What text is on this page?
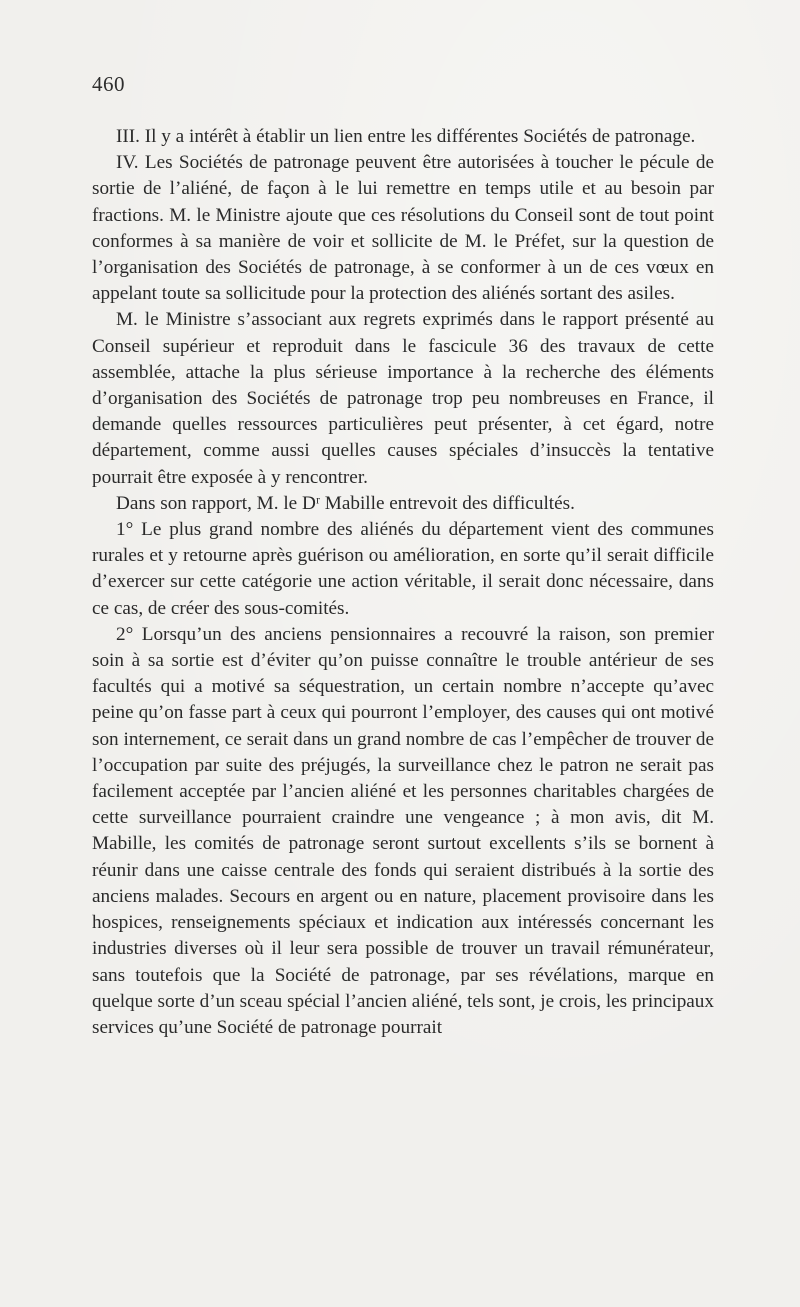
460

III. Il y a intérêt à établir un lien entre les différentes Sociétés de patronage.

IV. Les Sociétés de patronage peuvent être autorisées à toucher le pécule de sortie de l’aliéné, de façon à le lui remettre en temps utile et au besoin par fractions. M. le Ministre ajoute que ces résolutions du Conseil sont de tout point conformes à sa manière de voir et sollicite de M. le Préfet, sur la question de l’organisation des Sociétés de patronage, à se conformer à un de ces vœux en appelant toute sa sollicitude pour la protection des aliénés sortant des asiles.

M. le Ministre s’associant aux regrets exprimés dans le rapport présenté au Conseil supérieur et reproduit dans le fascicule 36 des travaux de cette assemblée, attache la plus sérieuse importance à la recherche des éléments d’organisation des Sociétés de patronage trop peu nombreuses en France, il demande quelles ressources particulières peut présenter, à cet égard, notre département, comme aussi quelles causes spéciales d’insuccès la tentative pourrait être exposée à y rencontrer.

Dans son rapport, M. le Dʳ Mabille entrevoit des difficultés.

1° Le plus grand nombre des aliénés du département vient des communes rurales et y retourne après guérison ou amélioration, en sorte qu’il serait difficile d’exercer sur cette catégorie une action véritable, il serait donc nécessaire, dans ce cas, de créer des sous-comités.

2° Lorsqu’un des anciens pensionnaires a recouvré la raison, son premier soin à sa sortie est d’éviter qu’on puisse connaître le trouble antérieur de ses facultés qui a motivé sa séquestration, un certain nombre n’accepte qu’avec peine qu’on fasse part à ceux qui pourront l’employer, des causes qui ont motivé son internement, ce serait dans un grand nombre de cas l’empêcher de trouver de l’occupation par suite des préjugés, la surveillance chez le patron ne serait pas facilement acceptée par l’ancien aliéné et les personnes charitables chargées de cette surveillance pourraient craindre une vengeance ; à mon avis, dit M. Mabille, les comités de patronage seront surtout excellents s’ils se bornent à réunir dans une caisse centrale des fonds qui seraient distribués à la sortie des anciens malades. Secours en argent ou en nature, placement provisoire dans les hospices, renseignements spéciaux et indication aux intéressés concernant les industries diverses où il leur sera possible de trouver un travail rémunérateur, sans toutefois que la Société de patronage, par ses révélations, marque en quelque sorte d’un sceau spécial l’ancien aliéné, tels sont, je crois, les principaux services qu’une Société de patronage pourrait
